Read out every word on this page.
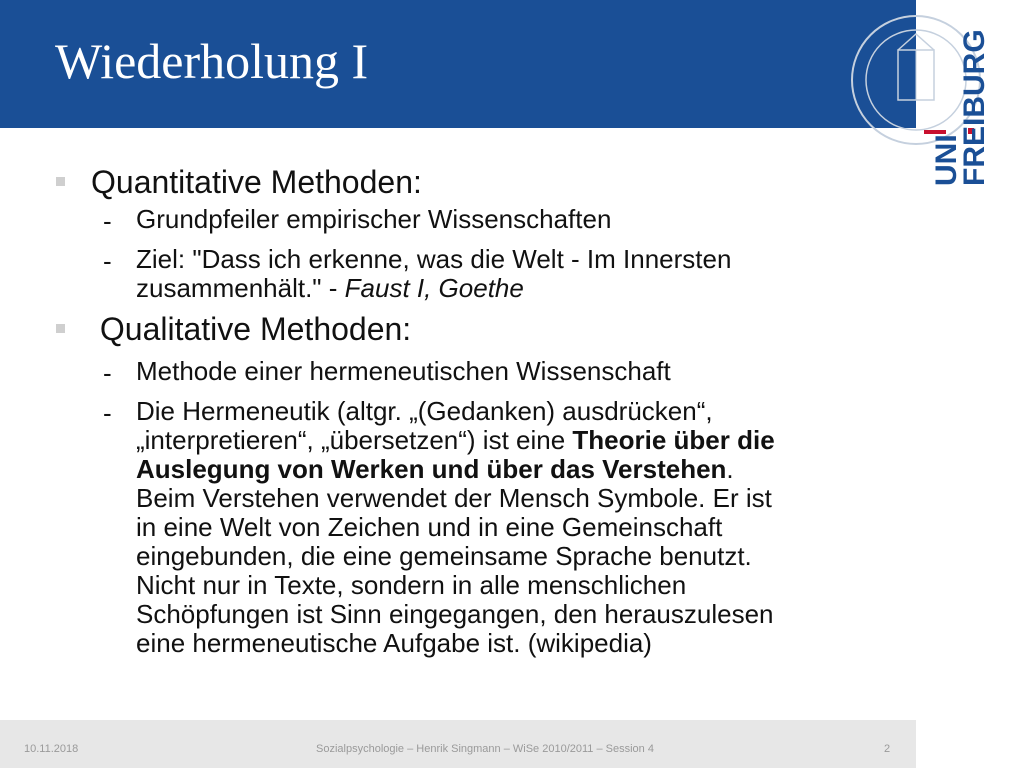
Wiederholung I
UNI
FREIBURG
Quantitative Methoden:
- Grundpfeiler empirischer Wissenschaften
- Ziel: "Dass ich erkenne, was die Welt - Im Innersten
zusammenhält." - Faust I, Goethe
Qualitative Methoden:
- Methode einer hermeneutischen Wissenschaft
- Die Hermeneutik (altgr. „(Gedanken) ausdrücken“,
„interpretieren“, „übersetzen“) ist eine Theorie über die
Auslegung von Werken und über das Verstehen.
Beim Verstehen verwendet der Mensch Symbole. Er ist
in eine Welt von Zeichen und in eine Gemeinschaft
eingebunden, die eine gemeinsame Sprache benutzt.
Nicht nur in Texte, sondern in alle menschlichen
Schöpfungen ist Sinn eingegangen, den herauszulesen
eine hermeneutische Aufgabe ist. (wikipedia)
10.11.2018	Sozialpsychologie – Henrik Singmann – WiSe 2010/2011 – Session 4	2
